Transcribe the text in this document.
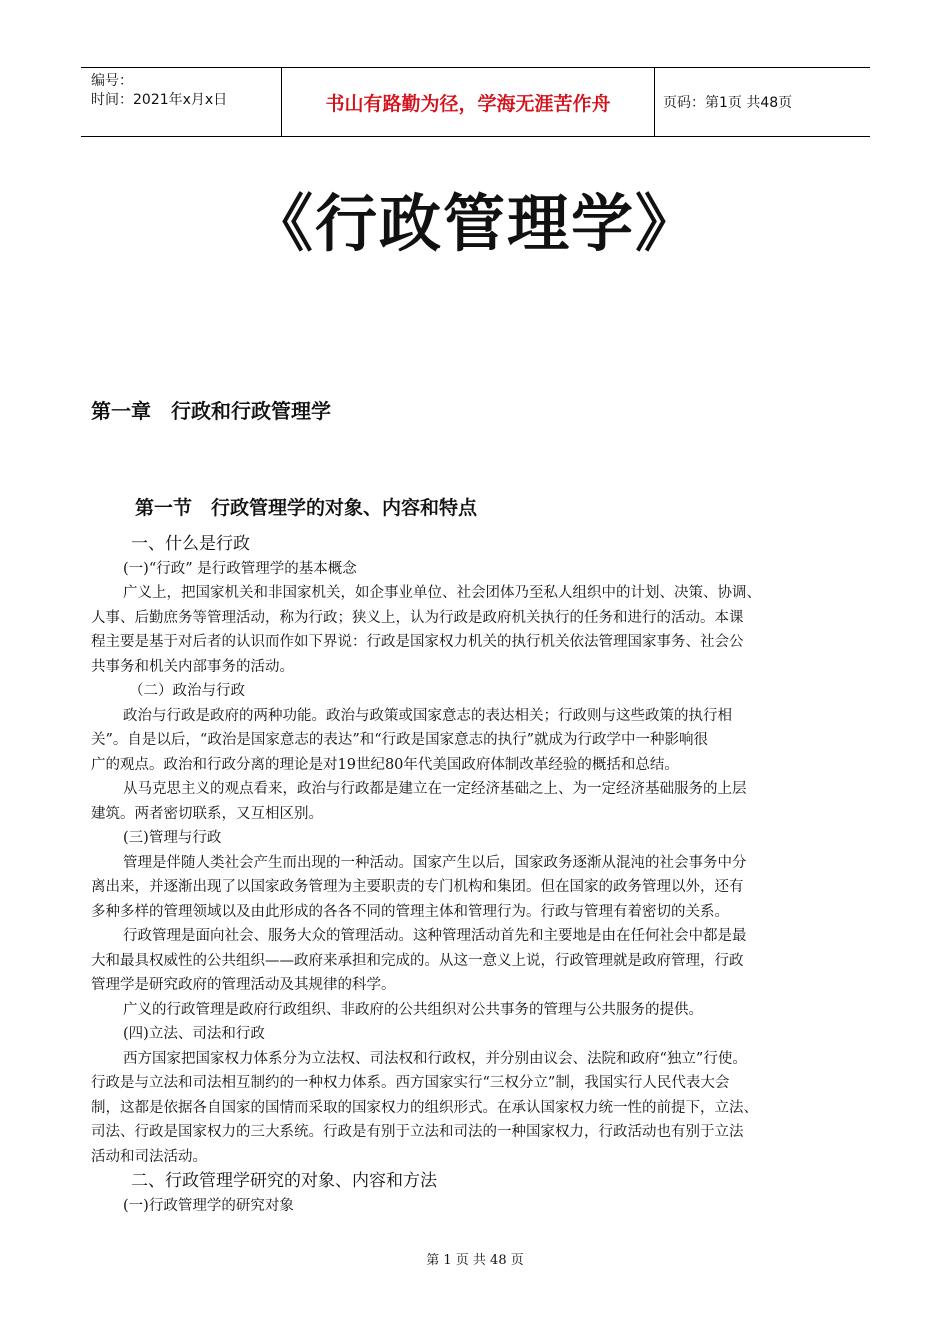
编号：
时间：2021年x月x日	书山有路勤为径，学海无涯苦作舟	页码：第1页 共48页
《行政管理学》
第一章　行政和行政管理学
第一节　行政管理学的对象、内容和特点
一、什么是行政
(一)“行政” 是行政管理学的基本概念
广义上，把国家机关和非国家机关，如企事业单位、社会团体乃至私人组织中的计划、决策、协调、
人事、后勤庶务等管理活动，称为行政；狭义上，认为行政是政府机关执行的任务和进行的活动。本课
程主要是基于对后者的认识而作如下界说：行政是国家权力机关的执行机关依法管理国家事务、社会公
共事务和机关内部事务的活动。
（二）政治与行政
政治与行政是政府的两种功能。政治与政策或国家意志的表达相关；行政则与这些政策的执行相
关”。自是以后，“政治是国家意志的表达”和“行政是国家意志的执行”就成为行政学中一种影响很
广的观点。政治和行政分离的理论是对19世纪80年代美国政府体制改革经验的概括和总结。
从马克思主义的观点看来，政治与行政都是建立在一定经济基础之上、为一定经济基础服务的上层
建筑。两者密切联系，又互相区别。
(三)管理与行政
管理是伴随人类社会产生而出现的一种活动。国家产生以后，国家政务逐渐从混沌的社会事务中分
离出来，并逐渐出现了以国家政务管理为主要职责的专门机构和集团。但在国家的政务管理以外，还有
多种多样的管理领域以及由此形成的各各不同的管理主体和管理行为。行政与管理有着密切的关系。
行政管理是面向社会、服务大众的管理活动。这种管理活动首先和主要地是由在任何社会中都是最
大和最具权威性的公共组织——政府来承担和完成的。从这一意义上说，行政管理就是政府管理，行政
管理学是研究政府的管理活动及其规律的科学。
广义的行政管理是政府行政组织、非政府的公共组织对公共事务的管理与公共服务的提供。
(四)立法、司法和行政
西方国家把国家权力体系分为立法权、司法权和行政权，并分别由议会、法院和政府“独立”行使。
行政是与立法和司法相互制约的一种权力体系。西方国家实行“三权分立”制，我国实行人民代表大会
制，这都是依据各自国家的国情而采取的国家权力的组织形式。在承认国家权力统一性的前提下，立法、
司法、行政是国家权力的三大系统。行政是有别于立法和司法的一种国家权力，行政活动也有别于立法
活动和司法活动。
二、行政管理学研究的对象、内容和方法
(一)行政管理学的研究对象
第 1 页 共 48 页
